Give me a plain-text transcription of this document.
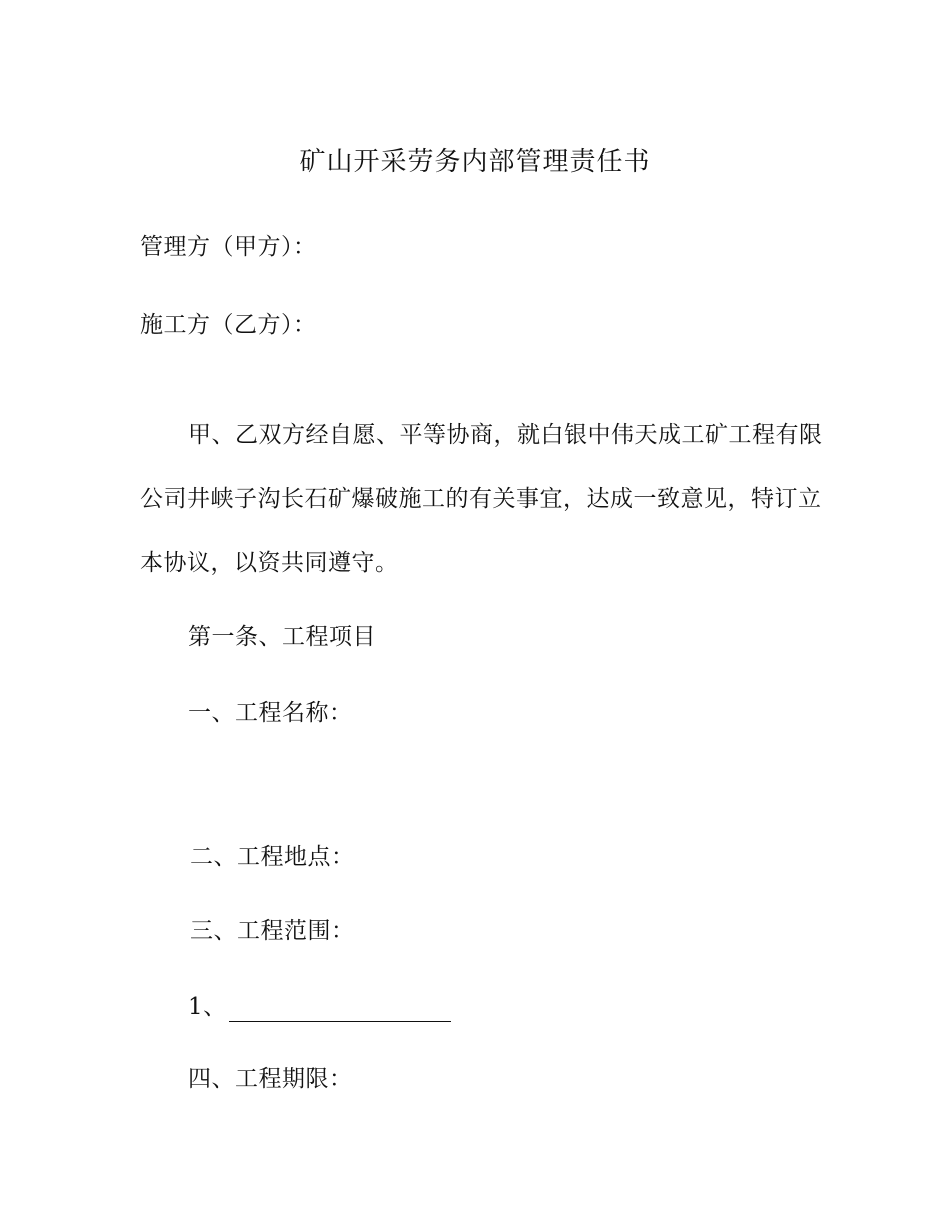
矿山开采劳务内部管理责任书
管理方（甲方）：
施工方（乙方）：
甲、乙双方经自愿、平等协商，就白银中伟天成工矿工程有限
公司井峡子沟长石矿爆破施工的有关事宜，达成一致意见，特订立
本协议，以资共同遵守。
第一条、工程项目
一、工程名称：
二、工程地点：
三、工程范围：
1、
四、工程期限：
